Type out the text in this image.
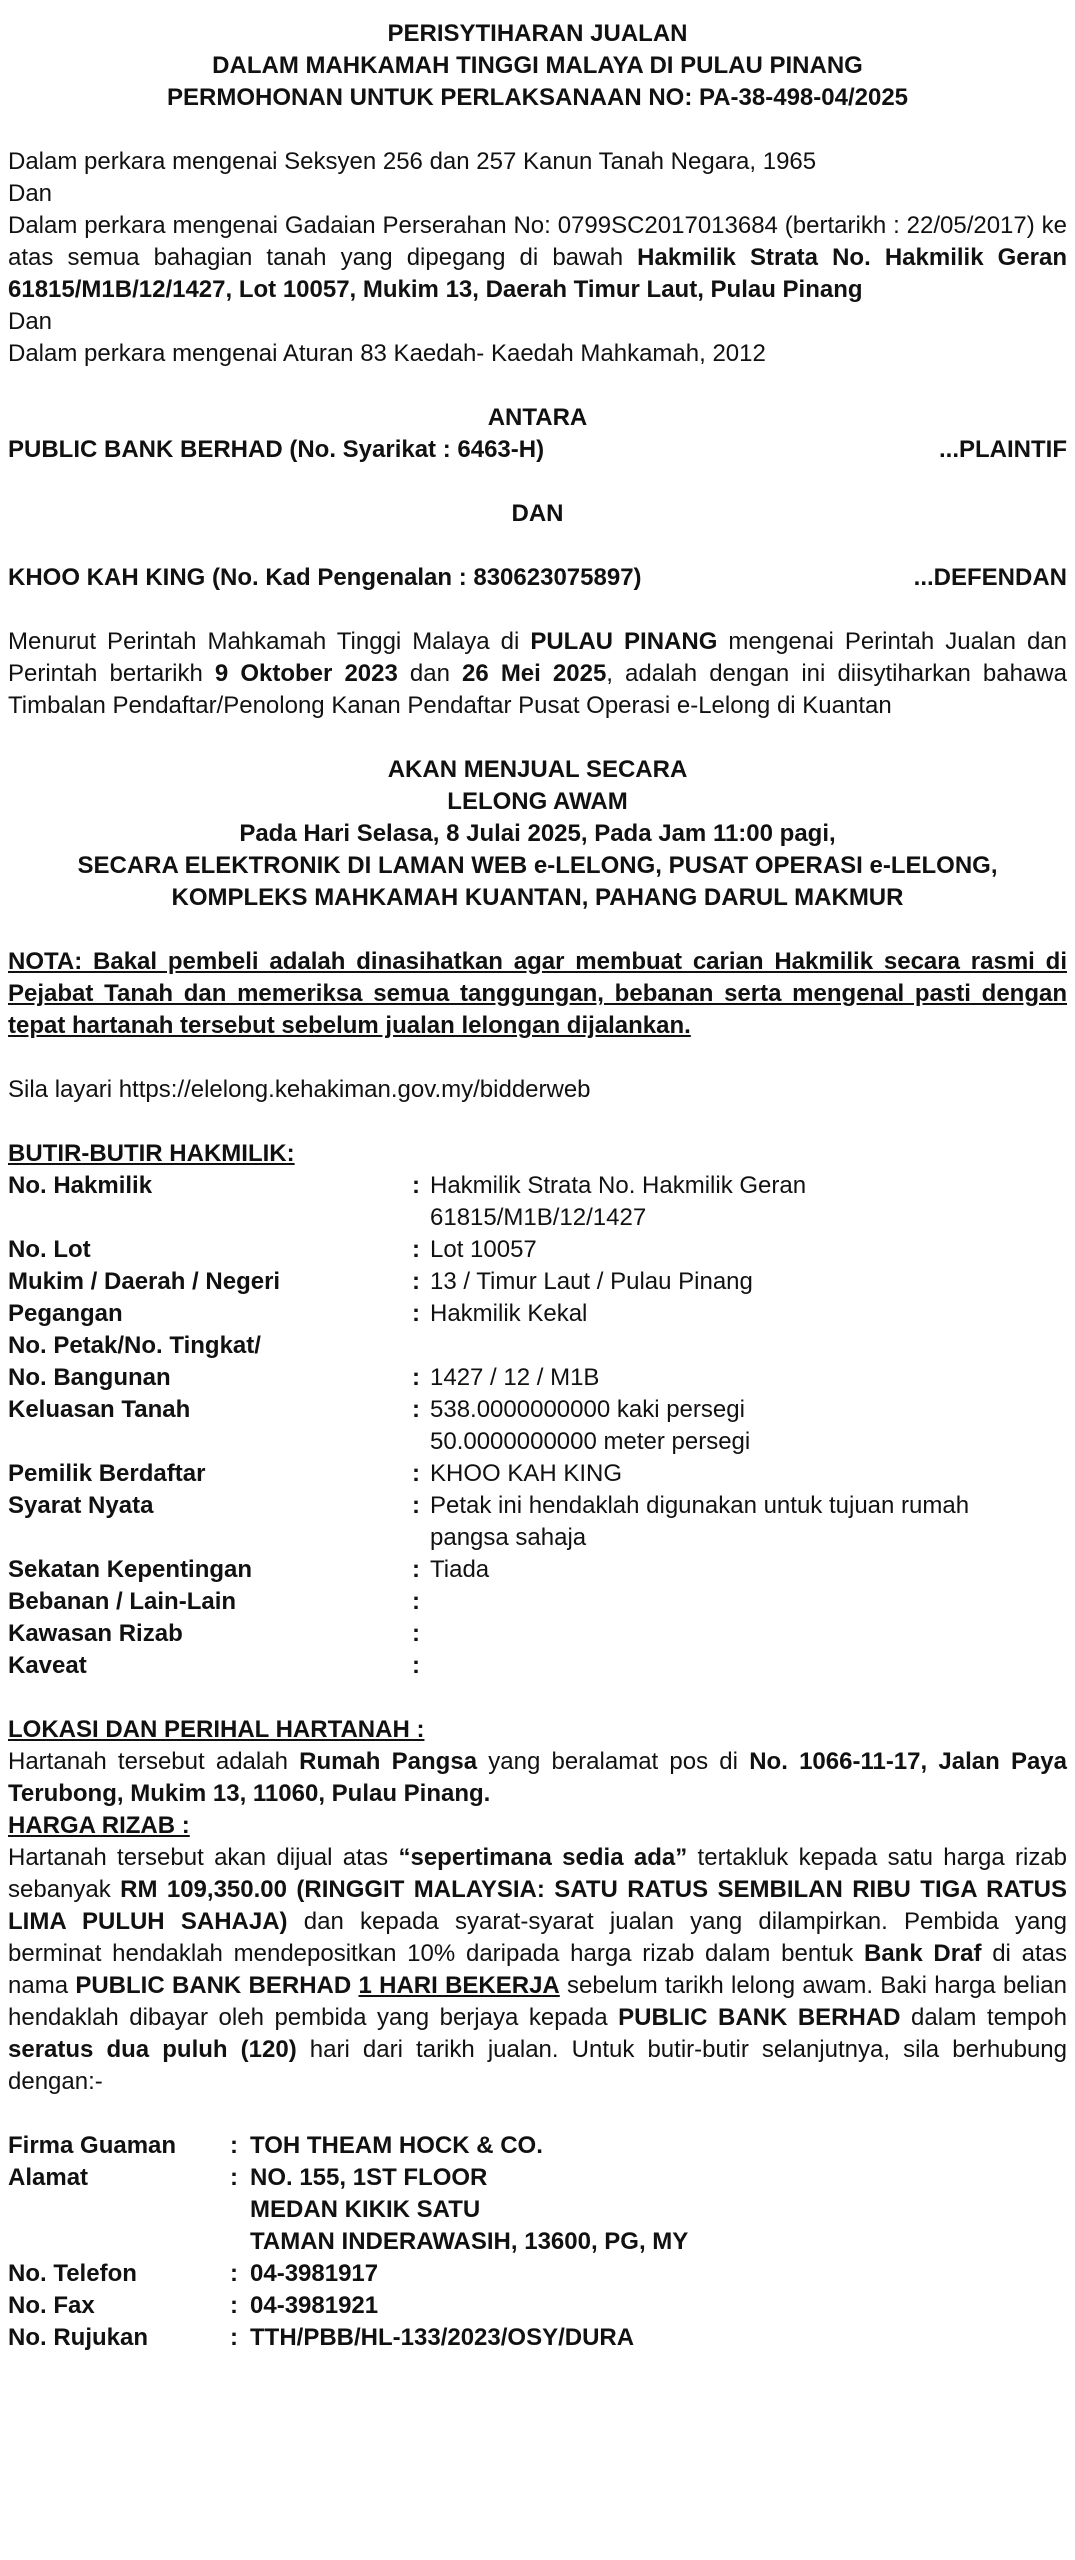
PERISYTIHARAN JUALAN
DALAM MAHKAMAH TINGGI MALAYA DI PULAU PINANG
PERMOHONAN UNTUK PERLAKSANAAN NO: PA-38-498-04/2025
Dalam perkara mengenai Seksyen 256 dan 257 Kanun Tanah Negara, 1965
Dan
Dalam perkara mengenai Gadaian Perserahan No: 0799SC2017013684 (bertarikh : 22/05/2017) ke atas semua bahagian tanah yang dipegang di bawah Hakmilik Strata No. Hakmilik Geran 61815/M1B/12/1427, Lot 10057, Mukim 13, Daerah Timur Laut, Pulau Pinang
Dan
Dalam perkara mengenai Aturan 83 Kaedah- Kaedah Mahkamah, 2012
ANTARA
PUBLIC BANK BERHAD (No. Syarikat : 6463-H)	...PLAINTIF
DAN
KHOO KAH KING (No. Kad Pengenalan : 830623075897)	...DEFENDAN
Menurut Perintah Mahkamah Tinggi Malaya di PULAU PINANG mengenai Perintah Jualan dan Perintah bertarikh 9 Oktober 2023 dan 26 Mei 2025, adalah dengan ini diisytiharkan bahawa Timbalan Pendaftar/Penolong Kanan Pendaftar Pusat Operasi e-Lelong di Kuantan
AKAN MENJUAL SECARA
LELONG AWAM
Pada Hari Selasa, 8 Julai 2025, Pada Jam 11:00 pagi,
SECARA ELEKTRONIK DI LAMAN WEB e-LELONG, PUSAT OPERASI e-LELONG,
KOMPLEKS MAHKAMAH KUANTAN, PAHANG DARUL MAKMUR
NOTA: Bakal pembeli adalah dinasihatkan agar membuat carian Hakmilik secara rasmi di Pejabat Tanah dan memeriksa semua tanggungan, bebanan serta mengenal pasti dengan tepat hartanah tersebut sebelum jualan lelongan dijalankan.
Sila layari https://elelong.kehakiman.gov.my/bidderweb
BUTIR-BUTIR HAKMILIK:
No. Hakmilik	: Hakmilik Strata No. Hakmilik Geran
61815/M1B/12/1427
No. Lot	: Lot 10057
Mukim / Daerah / Negeri	: 13 / Timur Laut / Pulau Pinang
Pegangan	: Hakmilik Kekal
No. Petak/No. Tingkat/
No. Bangunan	: 1427 / 12 / M1B
Keluasan Tanah	: 538.0000000000 kaki persegi
50.0000000000 meter persegi
Pemilik Berdaftar	: KHOO KAH KING
Syarat Nyata	: Petak ini hendaklah digunakan untuk tujuan rumah
pangsa sahaja
Sekatan Kepentingan	: Tiada
Bebanan / Lain-Lain	:
Kawasan Rizab	:
Kaveat	:
LOKASI DAN PERIHAL HARTANAH :
Hartanah tersebut adalah Rumah Pangsa yang beralamat pos di No. 1066-11-17, Jalan Paya Terubong, Mukim 13, 11060, Pulau Pinang.
HARGA RIZAB :
Hartanah tersebut akan dijual atas “sepertimana sedia ada” tertakluk kepada satu harga rizab sebanyak RM 109,350.00 (RINGGIT MALAYSIA: SATU RATUS SEMBILAN RIBU TIGA RATUS LIMA PULUH SAHAJA) dan kepada syarat-syarat jualan yang dilampirkan. Pembida yang berminat hendaklah mendepositkan 10% daripada harga rizab dalam bentuk Bank Draf di atas nama PUBLIC BANK BERHAD 1 HARI BEKERJA sebelum tarikh lelong awam. Baki harga belian hendaklah dibayar oleh pembida yang berjaya kepada PUBLIC BANK BERHAD dalam tempoh seratus dua puluh (120) hari dari tarikh jualan. Untuk butir-butir selanjutnya, sila berhubung dengan:-
Firma Guaman	: TOH THEAM HOCK & CO.
Alamat	: NO. 155, 1ST FLOOR
MEDAN KIKIK SATU
TAMAN INDERAWASIH, 13600, PG, MY
No. Telefon	: 04-3981917
No. Fax	: 04-3981921
No. Rujukan	: TTH/PBB/HL-133/2023/OSY/DURA
